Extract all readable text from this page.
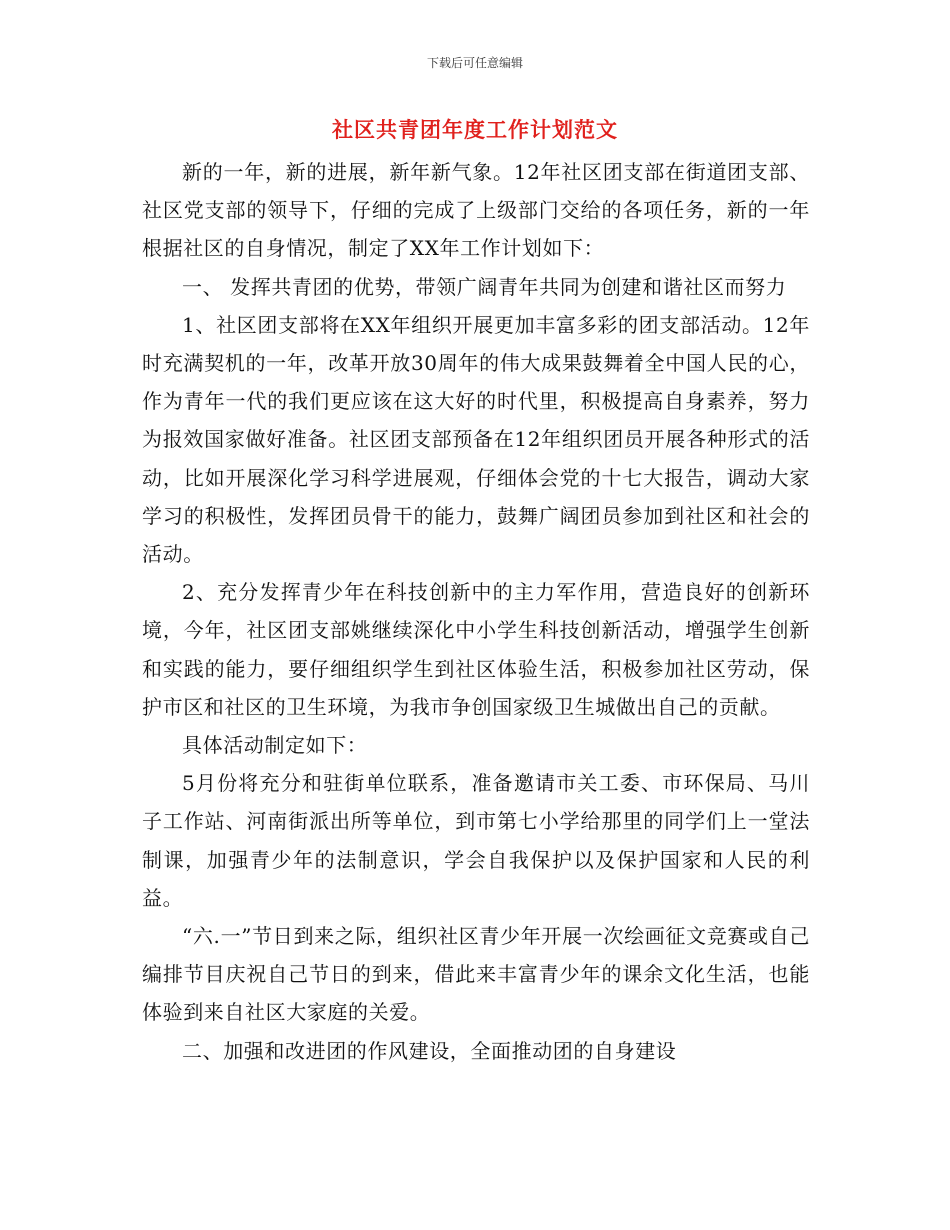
下载后可任意编辑
社区共青团年度工作计划范文

新的一年，新的进展，新年新气象。12年社区团支部在街道团支部、社区党支部的领导下，仔细的完成了上级部门交给的各项任务，新的一年根据社区的自身情况，制定了XX年工作计划如下：

一、 发挥共青团的优势，带领广阔青年共同为创建和谐社区而努力

1、社区团支部将在XX年组织开展更加丰富多彩的团支部活动。12年时充满契机的一年，改革开放30周年的伟大成果鼓舞着全中国人民的心，作为青年一代的我们更应该在这大好的时代里，积极提高自身素养，努力为报效国家做好准备。社区团支部预备在12年组织团员开展各种形式的活动，比如开展深化学习科学进展观，仔细体会党的十七大报告，调动大家学习的积极性，发挥团员骨干的能力，鼓舞广阔团员参加到社区和社会的活动。

2、充分发挥青少年在科技创新中的主力军作用，营造良好的创新环境，今年，社区团支部姚继续深化中小学生科技创新活动，增强学生创新和实践的能力，要仔细组织学生到社区体验生活，积极参加社区劳动，保护市区和社区的卫生环境，为我市争创国家级卫生城做出自己的贡献。

具体活动制定如下：

5月份将充分和驻街单位联系，准备邀请市关工委、市环保局、马川子工作站、河南街派出所等单位，到市第七小学给那里的同学们上一堂法制课，加强青少年的法制意识，学会自我保护以及保护国家和人民的利益。

“六.一”节日到来之际，组织社区青少年开展一次绘画征文竞赛或自己编排节目庆祝自己节日的到来，借此来丰富青少年的课余文化生活，也能体验到来自社区大家庭的关爱。

二、加强和改进团的作风建设，全面推动团的自身建设
